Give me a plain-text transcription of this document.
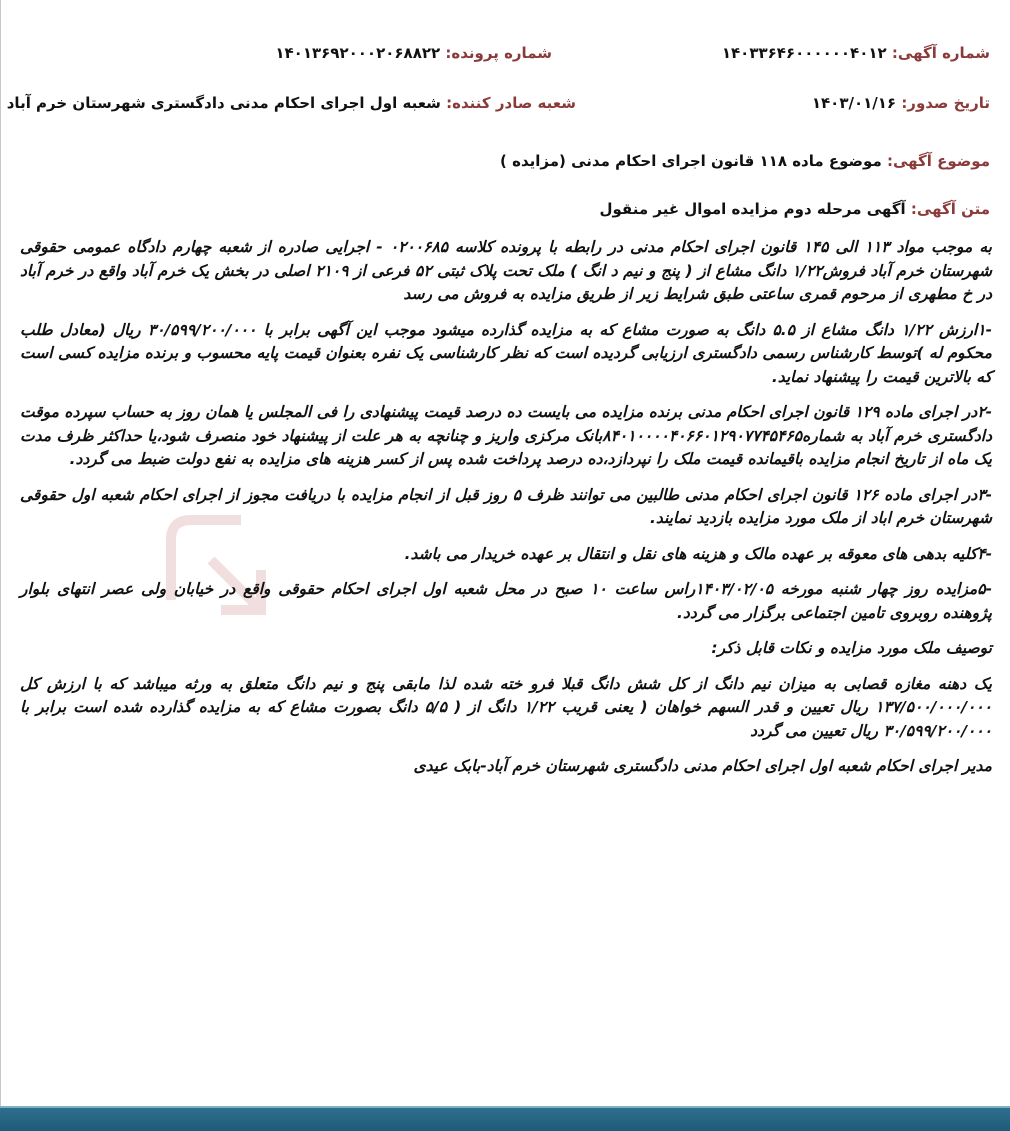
شماره آگهی: ۱۴۰۳۳۶۴۶۰۰۰۰۰۰۴۰۱۲
شماره پرونده: ۱۴۰۱۳۶۹۲۰۰۰۲۰۶۸۸۲۲
تاریخ صدور: ۱۴۰۳/۰۱/۱۶
شعبه صادر کننده: شعبه اول اجرای احکام مدنی دادگستری شهرستان خرم آباد
موضوع آگهی: موضوع ماده ۱۱۸ قانون اجرای احکام مدنی (مزایده )
متن آگهی: آگهی مرحله دوم مزایده اموال غیر منقول

به موجب مواد ۱۱۳ الی ۱۴۵ قانون اجرای احکام مدنی در رابطه با پرونده کلاسه ۰۲۰۰۶۸۵ - اجرایی صادره از شعبه چهارم دادگاه عمومی حقوقی شهرستان خرم آباد فروش۱/۲۲ دانگ مشاع از ( پنج و نیم د انگ ) ملک تحت پلاک ثبتی ۵۲ فرعی از ۲۱۰۹ اصلی در بخش یک خرم آباد واقع در خرم آباد در خ مطهری از مرحوم قمری ساعتی طبق شرایط زیر از طریق مزایده به فروش می رسد

-۱ارزش ۱/۲۲ دانگ مشاع از ۵.۵ دانگ به صورت مشاع که به مزایده گذارده میشود موجب این آگهی برابر با ۳۰/۵۹۹/۲۰۰/۰۰۰ ریال (معادل طلب محکوم له )توسط کارشناس رسمی دادگستری ارزیابی گردیده است که نظر کارشناسی یک نفره بعنوان قیمت پایه محسوب و برنده مزایده کسی است که بالاترین قیمت را پیشنهاد نماید.

-۲در اجرای ماده ۱۲۹ قانون اجرای احکام مدنی برنده مزایده می بایست ده درصد قیمت پیشنهادی را فی المجلس یا همان روز به حساب سپرده موقت دادگستری خرم آباد به شماره۸۴۰۱۰۰۰۰۴۰۶۶۰۱۲۹۰۷۷۴۵۴۶۵بانک مرکزی واریز و چنانچه به هر علت از پیشنهاد خود منصرف شود،یا حداکثر ظرف مدت یک ماه از تاریخ انجام مزایده باقیمانده قیمت ملک را نپردازد،ده درصد پرداخت شده پس از کسر هزینه های مزایده به نفع دولت ضبط می گردد.

-۳در اجرای ماده ۱۲۶ قانون اجرای احکام مدنی طالبین می توانند ظرف ۵ روز قبل از انجام مزایده با دریافت مجوز از اجرای احکام شعبه اول حقوقی شهرستان خرم اباد از ملک مورد مزایده بازدید نمایند.

-۴کلیه بدهی های معوقه بر عهده مالک و هزینه های نقل و انتقال بر عهده خریدار می باشد.

-۵مزایده روز چهار شنبه مورخه ۱۴۰۳/۰۲/۰۵راس ساعت ۱۰ صبح در محل شعبه اول اجرای احکام حقوقی واقع در خیابان ولی عصر انتهای بلوار پژوهنده روبروی تامین اجتماعی برگزار می گردد.

توصیف ملک مورد مزایده و نکات قابل ذکر:

یک دهنه مغازه قصابی به میزان نیم دانگ از کل شش دانگ قبلا فرو خته شده لذا مابقی پنج و نیم دانگ متعلق به ورثه میباشد که با ارزش کل ۱۳۷/۵۰۰/۰۰۰/۰۰۰ ریال تعیین و قدر السهم خواهان ( یعنی قریب ۱/۲۲ دانگ از ( ۵/۵ دانگ بصورت مشاع که به مزایده گذارده شده است برابر با ۳۰/۵۹۹/۲۰۰/۰۰۰ ریال تعیین می گردد

مدیر اجرای احکام شعبه اول اجرای احکام مدنی دادگستری شهرستان خرم آباد-بابک عیدی
